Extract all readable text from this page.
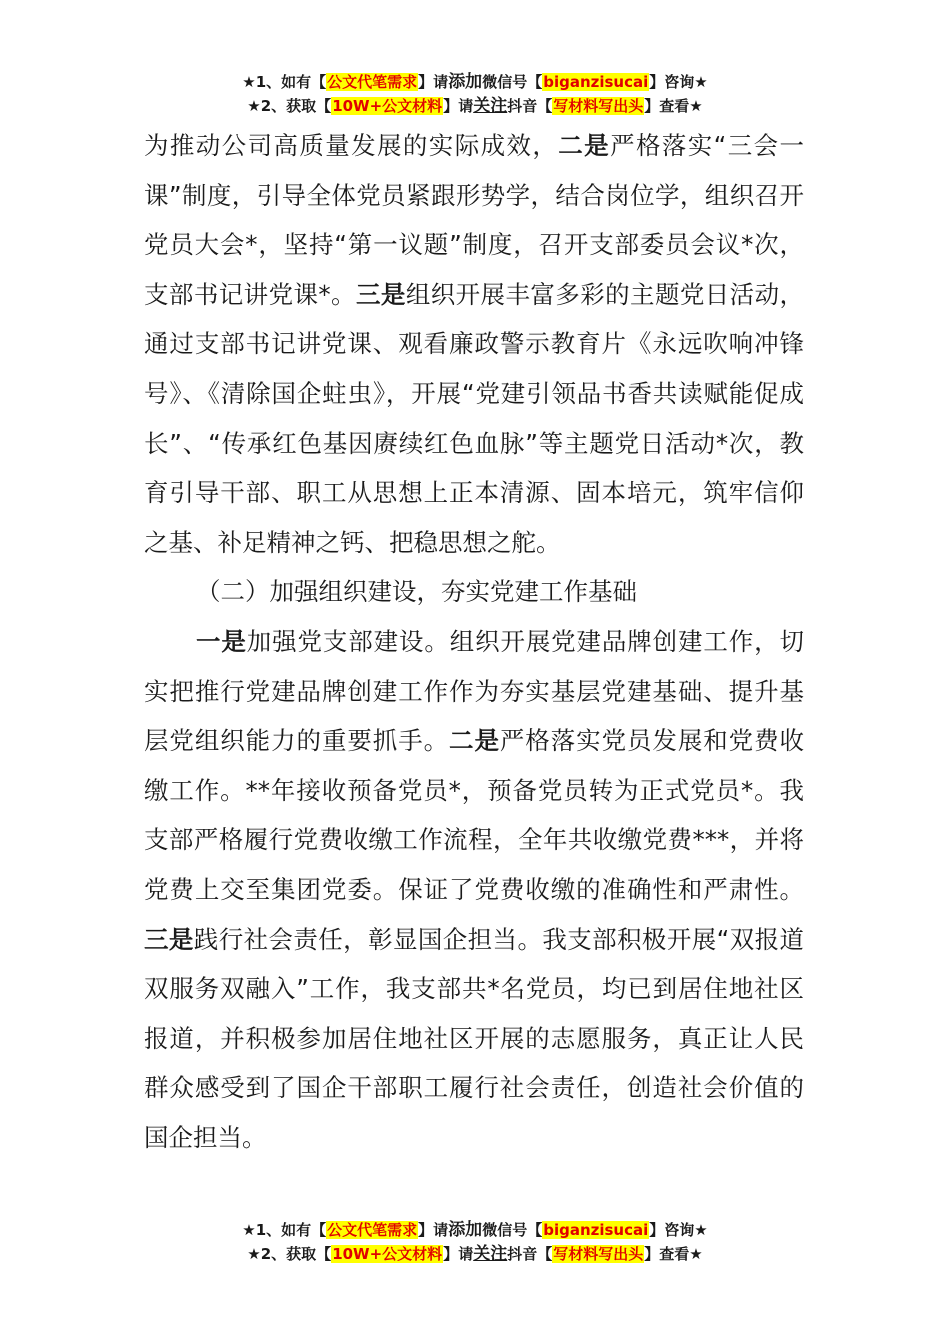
★1、如有【公文代笔需求】请添加微信号【biganzisucai】咨询★
★2、获取【10W+公文材料】请关注抖音【写材料写出头】查看★

为推动公司高质量发展的实际成效，二是严格落实“三会一课”制度，引导全体党员紧跟形势学，结合岗位学，组织召开党员大会*，坚持“第一议题”制度，召开支部委员会议*次，支部书记讲党课*。三是组织开展丰富多彩的主题党日活动，通过支部书记讲党课、观看廉政警示教育片《永远吹响冲锋号》、《清除国企蛀虫》，开展“党建引领品书香共读赋能促成长”、“传承红色基因赓续红色血脉”等主题党日活动*次，教育引导干部、职工从思想上正本清源、固本培元，筑牢信仰之基、补足精神之钙、把稳思想之舵。

（二）加强组织建设，夯实党建工作基础

一是加强党支部建设。组织开展党建品牌创建工作，切实把推行党建品牌创建工作作为夯实基层党建基础、提升基层党组织能力的重要抓手。二是严格落实党员发展和党费收缴工作。**年接收预备党员*，预备党员转为正式党员*。我支部严格履行党费收缴工作流程，全年共收缴党费***，并将党费上交至集团党委。保证了党费收缴的准确性和严肃性。三是践行社会责任，彰显国企担当。我支部积极开展“双报道双服务双融入”工作，我支部共*名党员，均已到居住地社区报道，并积极参加居住地社区开展的志愿服务，真正让人民群众感受到了国企干部职工履行社会责任，创造社会价值的国企担当。

★1、如有【公文代笔需求】请添加微信号【biganzisucai】咨询★
★2、获取【10W+公文材料】请关注抖音【写材料写出头】查看★
